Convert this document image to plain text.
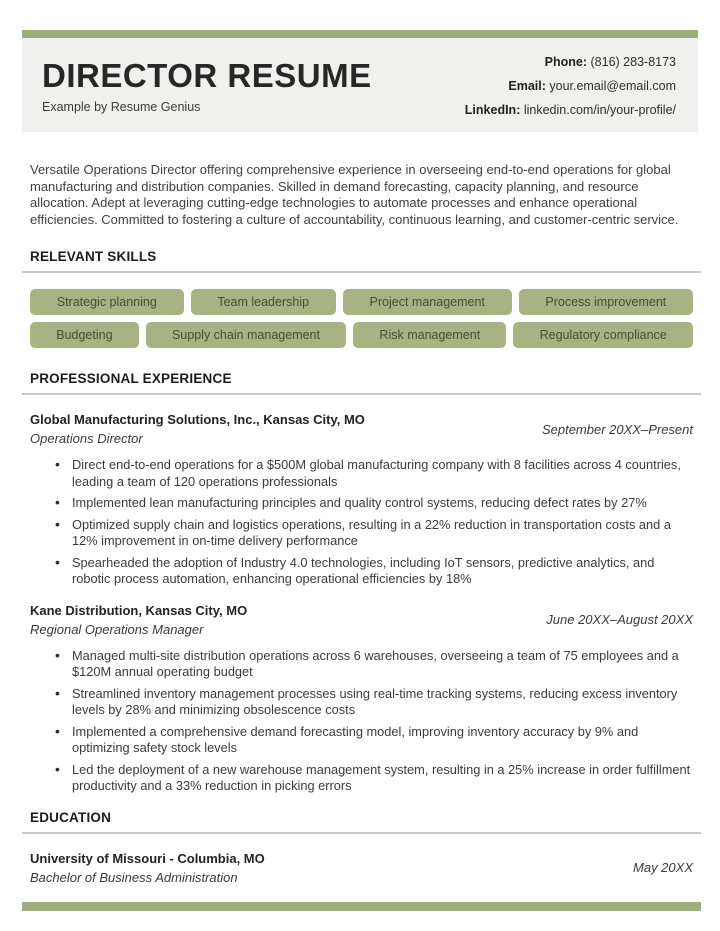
DIRECTOR RESUME
Example by Resume Genius
Phone: (816) 283-8173
Email: your.email@email.com
LinkedIn: linkedin.com/in/your-profile/

Versatile Operations Director offering comprehensive experience in overseeing end-to-end operations for global manufacturing and distribution companies. Skilled in demand forecasting, capacity planning, and resource allocation. Adept at leveraging cutting-edge technologies to automate processes and enhance operational efficiencies. Committed to fostering a culture of accountability, continuous learning, and customer-centric service.

RELEVANT SKILLS
Strategic planning	Team leadership	Project management	Process improvement
Budgeting	Supply chain management	Risk management	Regulatory compliance
PROFESSIONAL EXPERIENCE
Global Manufacturing Solutions, Inc., Kansas City, MO
Operations Director
September 20XX–Present
• Direct end-to-end operations for a $500M global manufacturing company with 8 facilities across 4 countries, leading a team of 120 operations professionals
• Implemented lean manufacturing principles and quality control systems, reducing defect rates by 27%
• Optimized supply chain and logistics operations, resulting in a 22% reduction in transportation costs and a 12% improvement in on-time delivery performance
• Spearheaded the adoption of Industry 4.0 technologies, including IoT sensors, predictive analytics, and robotic process automation, enhancing operational efficiencies by 18%
Kane Distribution, Kansas City, MO
Regional Operations Manager
June 20XX–August 20XX
• Managed multi-site distribution operations across 6 warehouses, overseeing a team of 75 employees and a $120M annual operating budget
• Streamlined inventory management processes using real-time tracking systems, reducing excess inventory levels by 28% and minimizing obsolescence costs
• Implemented a comprehensive demand forecasting model, improving inventory accuracy by 9% and optimizing safety stock levels
• Led the deployment of a new warehouse management system, resulting in a 25% increase in order fulfillment productivity and a 33% reduction in picking errors
EDUCATION
University of Missouri - Columbia, MO
Bachelor of Business Administration
May 20XX
